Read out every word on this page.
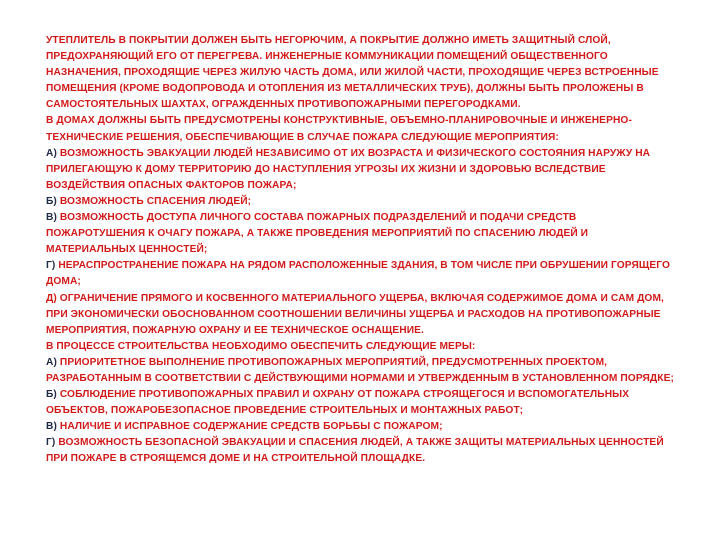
УТЕПЛИТЕЛЬ В ПОКРЫТИИ ДОЛЖЕН БЫТЬ НЕГОРЮЧИМ, А ПОКРЫТИЕ ДОЛЖНО ИМЕТЬ ЗАЩИТНЫЙ СЛОЙ, ПРЕДОХРАНЯЮЩИЙ ЕГО ОТ ПЕРЕГРЕВА. ИНЖЕНЕРНЫЕ КОММУНИКАЦИИ ПОМЕЩЕНИЙ ОБЩЕСТВЕННОГО НАЗНАЧЕНИЯ, ПРОХОДЯЩИЕ ЧЕРЕЗ ЖИЛУЮ ЧАСТЬ ДОМА, ИЛИ ЖИЛОЙ ЧАСТИ, ПРОХОДЯЩИЕ ЧЕРЕЗ ВСТРОЕННЫЕ ПОМЕЩЕНИЯ (КРОМЕ ВОДОПРОВОДА И ОТОПЛЕНИЯ ИЗ МЕТАЛЛИЧЕСКИХ ТРУБ), ДОЛЖНЫ БЫТЬ ПРОЛОЖЕНЫ В САМОСТОЯТЕЛЬНЫХ ШАХТАХ, ОГРАЖДЕННЫХ ПРОТИВОПОЖАРНЫМИ ПЕРЕГОРОДКАМИ.

В ДОМАХ ДОЛЖНЫ БЫТЬ ПРЕДУСМОТРЕНЫ КОНСТРУКТИВНЫЕ, ОБЪЕМНО-ПЛАНИРОВОЧНЫЕ И ИНЖЕНЕРНО-ТЕХНИЧЕСКИЕ РЕШЕНИЯ, ОБЕСПЕЧИВАЮЩИЕ В СЛУЧАЕ ПОЖАРА СЛЕДУЮЩИЕ МЕРОПРИЯТИЯ:

А) ВОЗМОЖНОСТЬ ЭВАКУАЦИИ ЛЮДЕЙ НЕЗАВИСИМО ОТ ИХ ВОЗРАСТА И ФИЗИЧЕСКОГО СОСТОЯНИЯ НАРУЖУ НА ПРИЛЕГАЮЩУЮ К ДОМУ ТЕРРИТОРИЮ ДО НАСТУПЛЕНИЯ УГРОЗЫ ИХ ЖИЗНИ И ЗДОРОВЬЮ ВСЛЕДСТВИЕ ВОЗДЕЙСТВИЯ ОПАСНЫХ ФАКТОРОВ ПОЖАРА;

Б) ВОЗМОЖНОСТЬ СПАСЕНИЯ ЛЮДЕЙ;

В) ВОЗМОЖНОСТЬ ДОСТУПА ЛИЧНОГО СОСТАВА ПОЖАРНЫХ ПОДРАЗДЕЛЕНИЙ И ПОДАЧИ СРЕДСТВ ПОЖАРОТУШЕНИЯ К ОЧАГУ ПОЖАРА, А ТАКЖЕ ПРОВЕДЕНИЯ МЕРОПРИЯТИЙ ПО СПАСЕНИЮ ЛЮДЕЙ И МАТЕРИАЛЬНЫХ ЦЕННОСТЕЙ;

Г) НЕРАСПРОСТРАНЕНИЕ ПОЖАРА НА РЯДОМ РАСПОЛОЖЕННЫЕ ЗДАНИЯ, В ТОМ ЧИСЛЕ ПРИ ОБРУШЕНИИ ГОРЯЩЕГО ДОМА;

Д) ОГРАНИЧЕНИЕ ПРЯМОГО И КОСВЕННОГО МАТЕРИАЛЬНОГО УЩЕРБА, ВКЛЮЧАЯ СОДЕРЖИМОЕ ДОМА И САМ ДОМ, ПРИ ЭКОНОМИЧЕСКИ ОБОСНОВАННОМ СООТНОШЕНИИ ВЕЛИЧИНЫ УЩЕРБА И РАСХОДОВ НА ПРОТИВОПОЖАРНЫЕ МЕРОПРИЯТИЯ, ПОЖАРНУЮ ОХРАНУ И ЕЕ ТЕХНИЧЕСКОЕ ОСНАЩЕНИЕ.

В ПРОЦЕССЕ СТРОИТЕЛЬСТВА НЕОБХОДИМО ОБЕСПЕЧИТЬ СЛЕДУЮЩИЕ МЕРЫ:

А) ПРИОРИТЕТНОЕ ВЫПОЛНЕНИЕ ПРОТИВОПОЖАРНЫХ МЕРОПРИЯТИЙ, ПРЕДУСМОТРЕННЫХ ПРОЕКТОМ, РАЗРАБОТАННЫМ В СООТВЕТСТВИИ С ДЕЙСТВУЮЩИМИ НОРМАМИ И УТВЕРЖДЕННЫМ В УСТАНОВЛЕННОМ ПОРЯДКЕ;

Б) СОБЛЮДЕНИЕ ПРОТИВОПОЖАРНЫХ ПРАВИЛ И ОХРАНУ ОТ ПОЖАРА СТРОЯЩЕГОСЯ И ВСПОМОГАТЕЛЬНЫХ ОБЪЕКТОВ, ПОЖАРОБЕЗОПАСНОЕ ПРОВЕДЕНИЕ СТРОИТЕЛЬНЫХ И МОНТАЖНЫХ РАБОТ;

В) НАЛИЧИЕ И ИСПРАВНОЕ СОДЕРЖАНИЕ СРЕДСТВ БОРЬБЫ С ПОЖАРОМ;

Г) ВОЗМОЖНОСТЬ БЕЗОПАСНОЙ ЭВАКУАЦИИ И СПАСЕНИЯ ЛЮДЕЙ, А ТАКЖЕ ЗАЩИТЫ МАТЕРИАЛЬНЫХ ЦЕННОСТЕЙ ПРИ ПОЖАРЕ В СТРОЯЩЕМСЯ ДОМЕ И НА СТРОИТЕЛЬНОЙ ПЛОЩАДКЕ.
